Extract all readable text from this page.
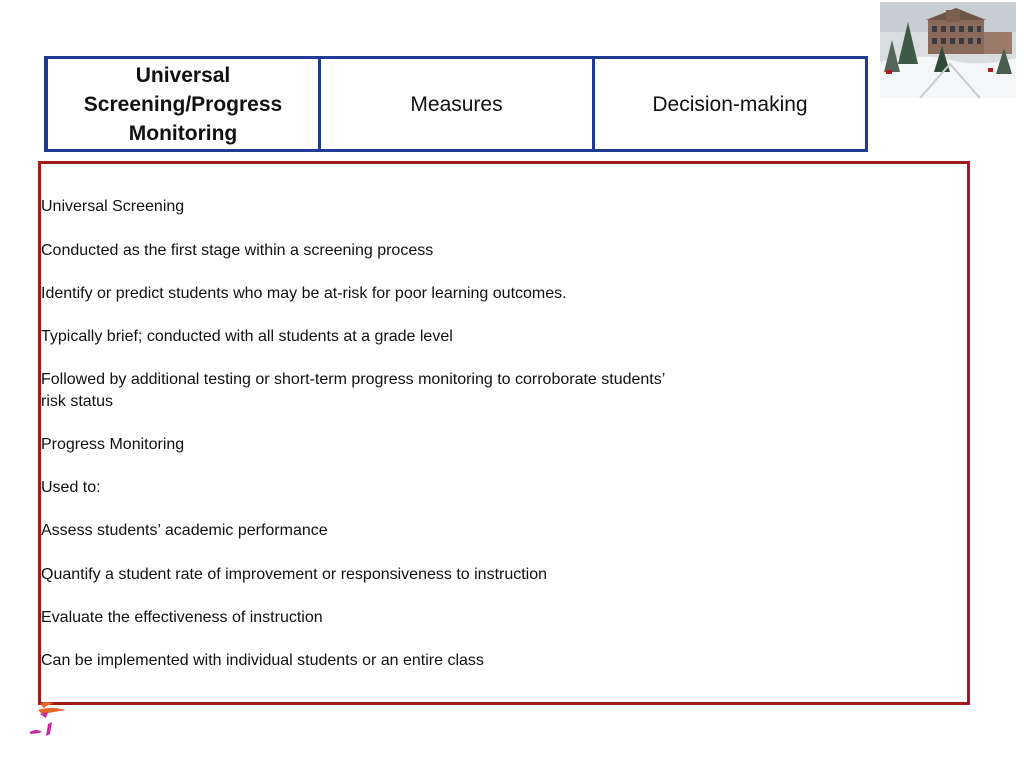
Universal Screening/Progress Monitoring
Measures	Decision-making
Universal Screening
Conducted as the first stage within a screening process
Identify or predict students who may be at-risk for poor learning outcomes.
Typically brief; conducted with all students at a grade level
Followed by additional testing or short-term progress monitoring to corroborate students’ risk status
Progress Monitoring
Used to:
Assess students’ academic performance
Quantify a student rate of improvement or responsiveness to instruction
Evaluate the effectiveness of instruction
Can be implemented with individual students or an entire class
